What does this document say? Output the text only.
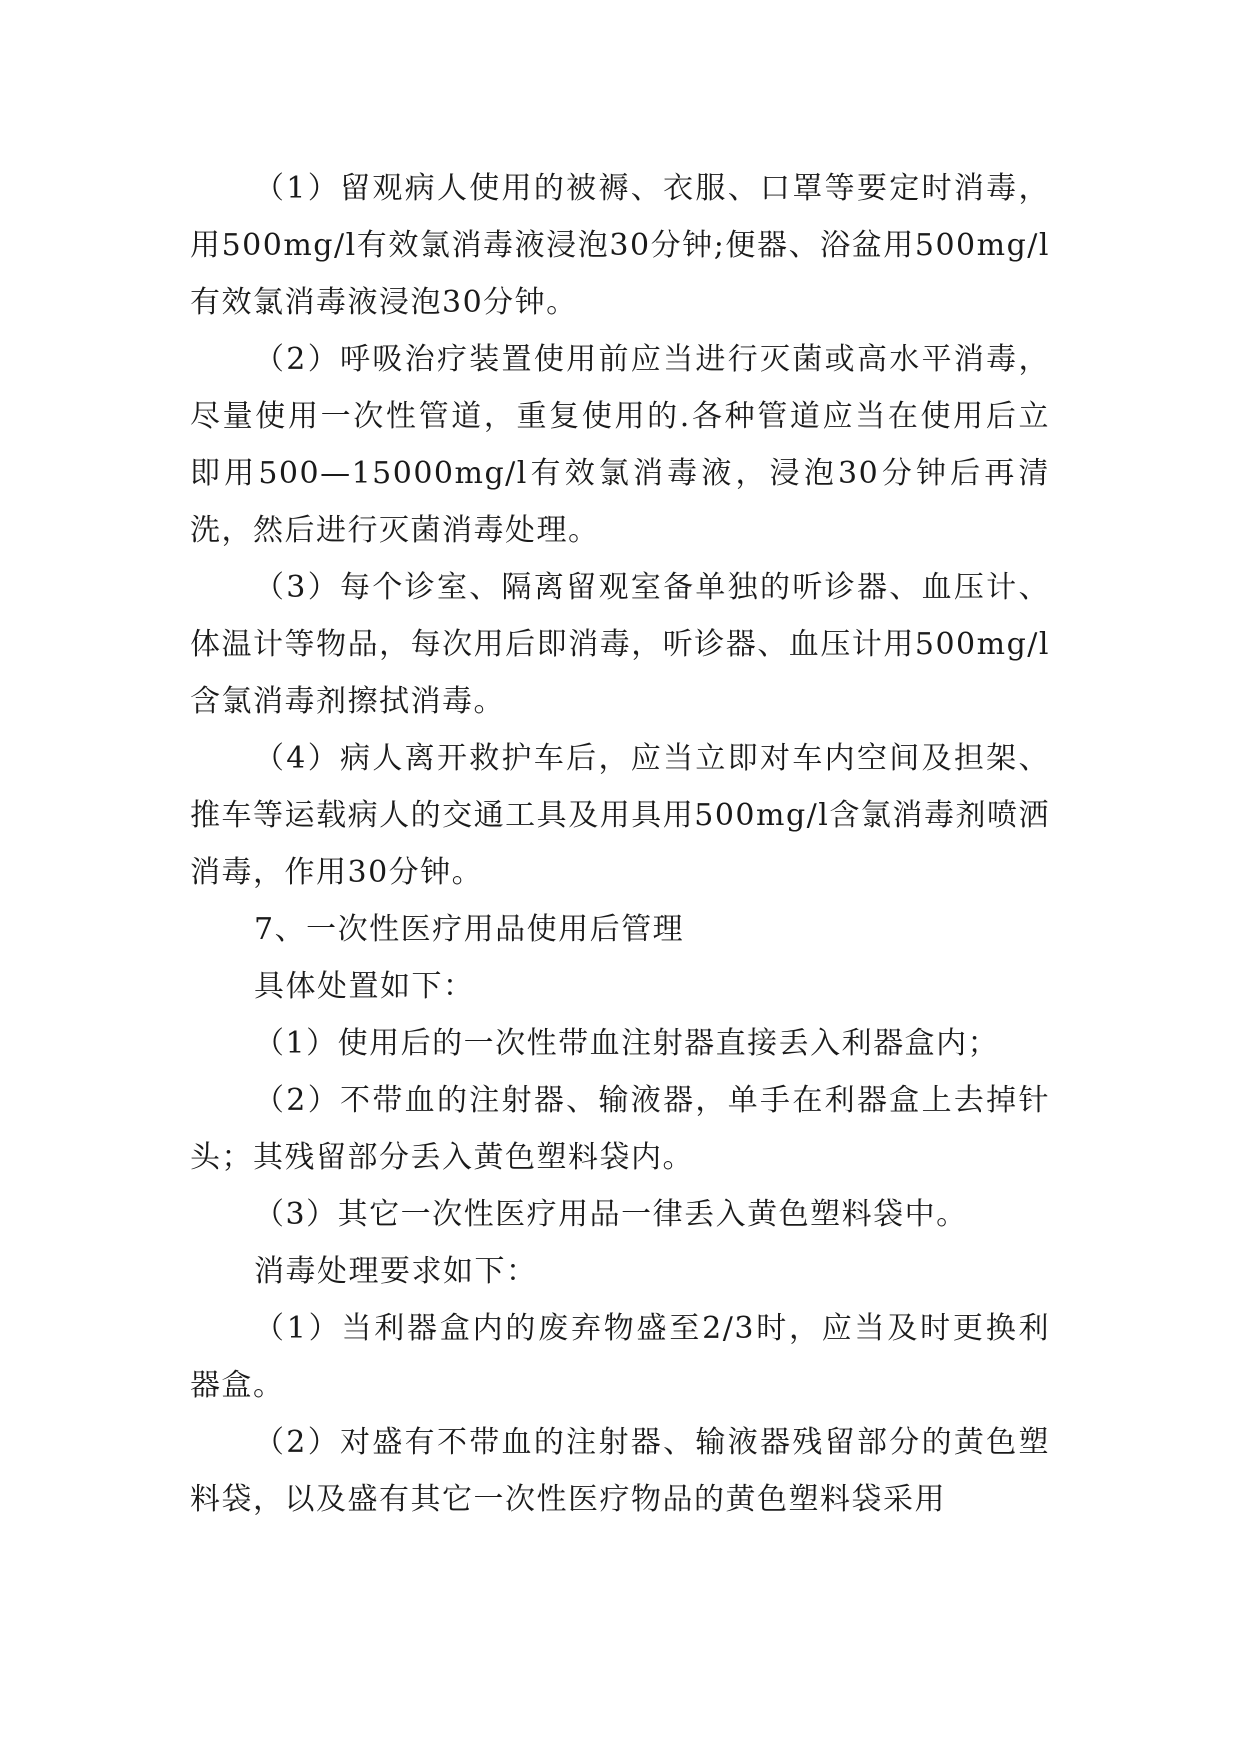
（1）留观病人使用的被褥、衣服、口罩等要定时消毒，用500mg/l有效氯消毒液浸泡30分钟;便器、浴盆用500mg/l有效氯消毒液浸泡30分钟。

（2）呼吸治疗装置使用前应当进行灭菌或高水平消毒，尽量使用一次性管道，重复使用的.各种管道应当在使用后立即用500—15000mg/l有效氯消毒液，浸泡30分钟后再清洗，然后进行灭菌消毒处理。

（3）每个诊室、隔离留观室备单独的听诊器、血压计、体温计等物品，每次用后即消毒，听诊器、血压计用500mg/l含氯消毒剂擦拭消毒。

（4）病人离开救护车后，应当立即对车内空间及担架、推车等运载病人的交通工具及用具用500mg/l含氯消毒剂喷洒消毒，作用30分钟。

7、一次性医疗用品使用后管理

具体处置如下：

（1）使用后的一次性带血注射器直接丢入利器盒内；

（2）不带血的注射器、输液器，单手在利器盒上去掉针头；其残留部分丢入黄色塑料袋内。

（3）其它一次性医疗用品一律丢入黄色塑料袋中。

消毒处理要求如下：

（1）当利器盒内的废弃物盛至2/3时，应当及时更换利器盒。

（2）对盛有不带血的注射器、输液器残留部分的黄色塑料袋，以及盛有其它一次性医疗物品的黄色塑料袋采用
